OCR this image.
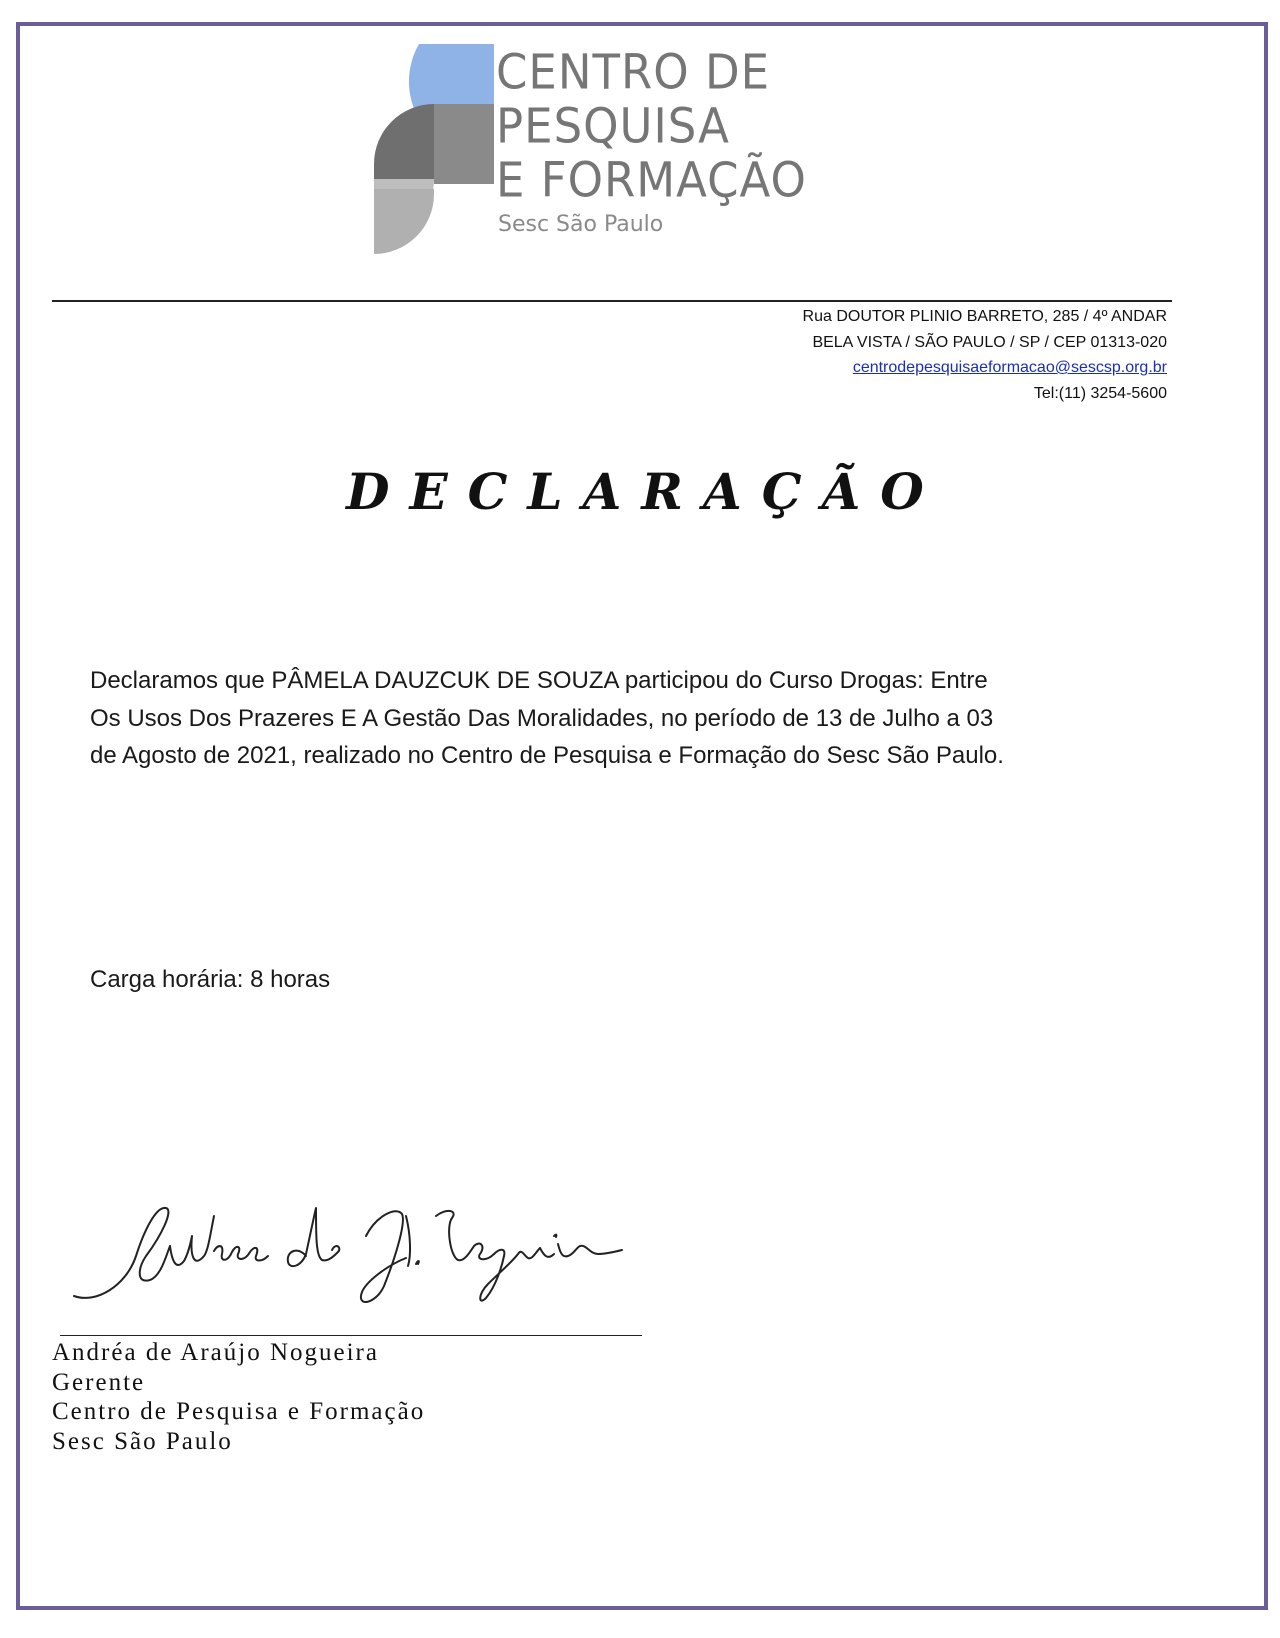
CENTRO DE
PESQUISA
E FORMAÇÃO
Sesc São Paulo
Rua DOUTOR PLINIO BARRETO, 285 / 4º ANDAR
BELA VISTA / SÃO PAULO / SP / CEP 01313-020
centrodepesquisaeformacao@sescsp.org.br
Tel:(11) 3254-5600
DECLARAÇÃO
Declaramos que PÂMELA DAUZCUK DE SOUZA participou do Curso Drogas: Entre Os Usos Dos Prazeres E A Gestão Das Moralidades, no período de 13 de Julho a 03 de Agosto de 2021, realizado no Centro de Pesquisa e Formação do Sesc São Paulo.
Carga horária: 8 horas
Andréa de Araújo Nogueira
Gerente
Centro de Pesquisa e Formação
Sesc São Paulo
